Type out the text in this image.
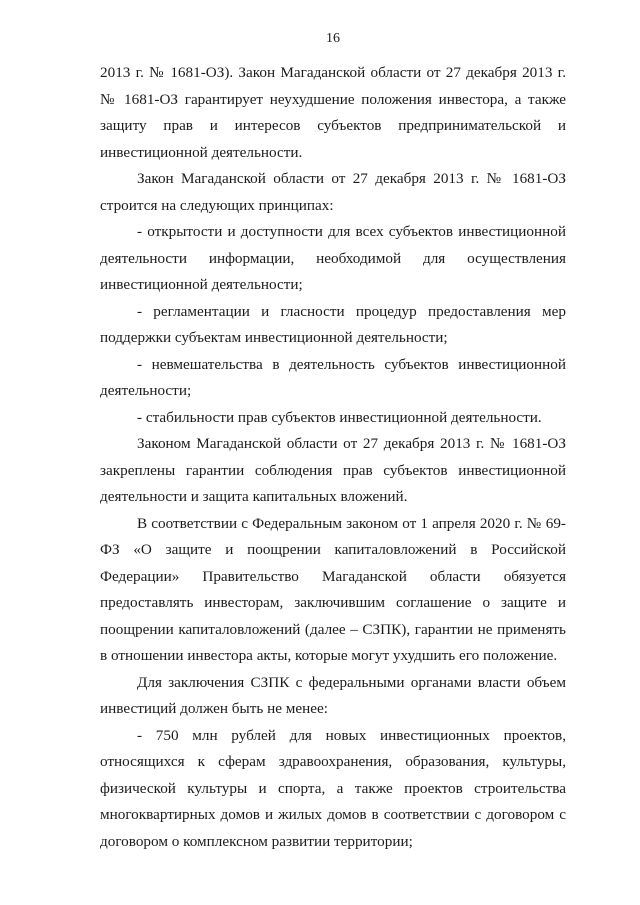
16

2013 г. № 1681-ОЗ). Закон Магаданской области от 27 декабря 2013 г. № 1681-ОЗ гарантирует неухудшение положения инвестора, а также защиту прав и интересов субъектов предпринимательской и инвестиционной деятельности.

Закон Магаданской области от 27 декабря 2013 г. № 1681-ОЗ строится на следующих принципах:

- открытости и доступности для всех субъектов инвестиционной деятельности информации, необходимой для осуществления инвестиционной деятельности;

- регламентации и гласности процедур предоставления мер поддержки субъектам инвестиционной деятельности;

- невмешательства в деятельность субъектов инвестиционной деятельности;

- стабильности прав субъектов инвестиционной деятельности.

Законом Магаданской области от 27 декабря 2013 г. № 1681-ОЗ закреплены гарантии соблюдения прав субъектов инвестиционной деятельности и защита капитальных вложений.

В соответствии с Федеральным законом от 1 апреля 2020 г. № 69-ФЗ «О защите и поощрении капиталовложений в Российской Федерации» Правительство Магаданской области обязуется предоставлять инвесторам, заключившим соглашение о защите и поощрении капиталовложений (далее – СЗПК), гарантии не применять в отношении инвестора акты, которые могут ухудшить его положение.

Для заключения СЗПК с федеральными органами власти объем инвестиций должен быть не менее:

- 750 млн рублей для новых инвестиционных проектов, относящихся к сферам здравоохранения, образования, культуры, физической культуры и спорта, а также проектов строительства многоквартирных домов и жилых домов в соответствии с договором с договором о комплексном развитии территории;
